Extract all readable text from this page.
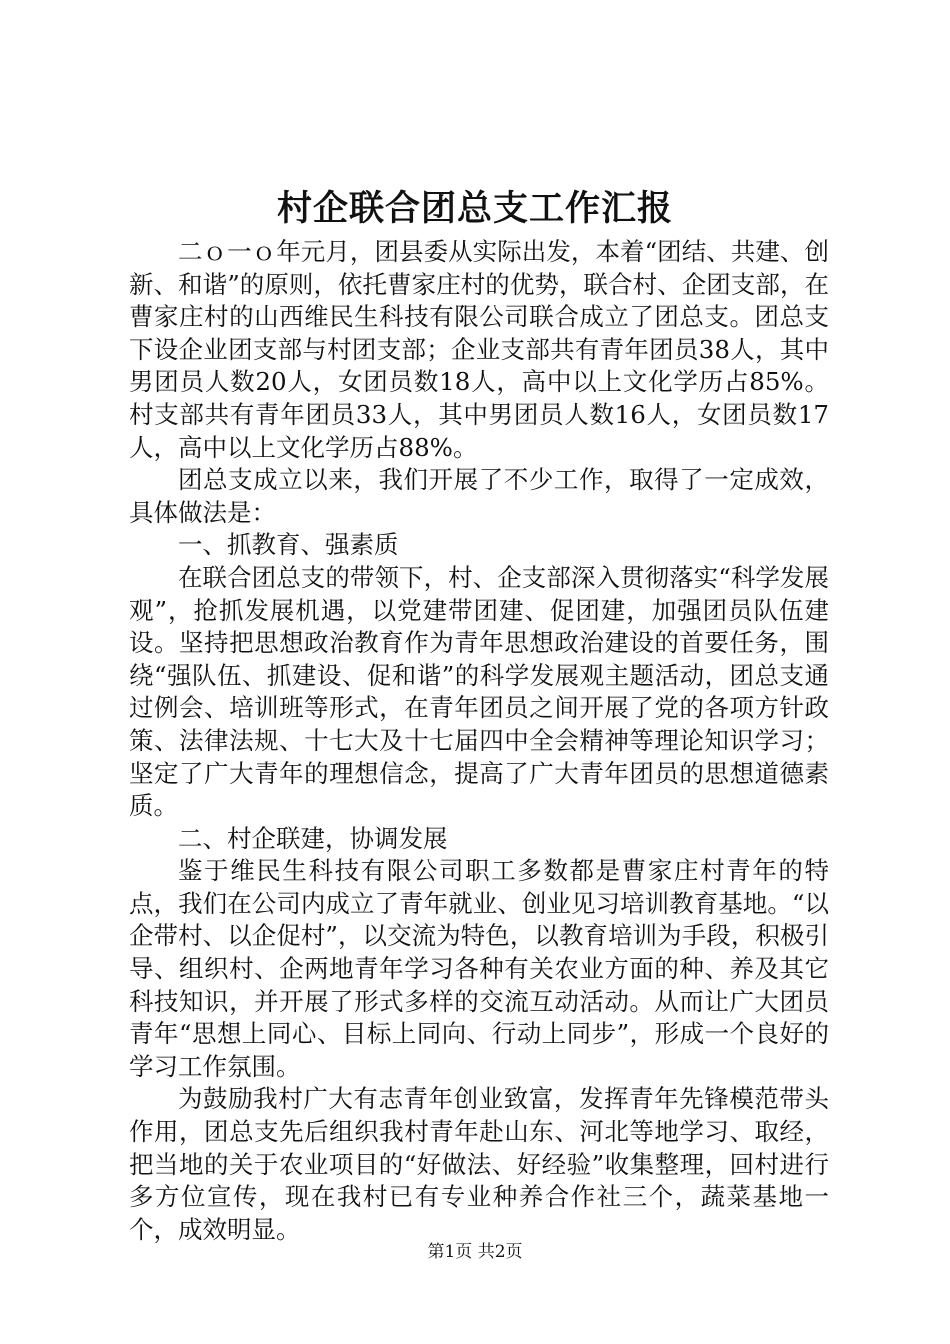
村企联合团总支工作汇报

二ｏ一ｏ年元月，团县委从实际出发，本着“团结、共建、创新、和谐”的原则，依托曹家庄村的优势，联合村、企团支部，在曹家庄村的山西维民生科技有限公司联合成立了团总支。团总支下设企业团支部与村团支部；企业支部共有青年团员38人，其中男团员人数20人，女团员数18人，高中以上文化学历占85%。村支部共有青年团员33人，其中男团员人数16人，女团员数17人，高中以上文化学历占88%。

团总支成立以来，我们开展了不少工作，取得了一定成效，具体做法是：

一、抓教育、强素质

在联合团总支的带领下，村、企支部深入贯彻落实“科学发展观”，抢抓发展机遇，以党建带团建、促团建，加强团员队伍建设。坚持把思想政治教育作为青年思想政治建设的首要任务，围绕“强队伍、抓建设、促和谐”的科学发展观主题活动，团总支通过例会、培训班等形式，在青年团员之间开展了党的各项方针政策、法律法规、十七大及十七届四中全会精神等理论知识学习；坚定了广大青年的理想信念，提高了广大青年团员的思想道德素质。

二、村企联建，协调发展

鉴于维民生科技有限公司职工多数都是曹家庄村青年的特点，我们在公司内成立了青年就业、创业见习培训教育基地。“以企带村、以企促村”，以交流为特色，以教育培训为手段，积极引导、组织村、企两地青年学习各种有关农业方面的种、养及其它科技知识，并开展了形式多样的交流互动活动。从而让广大团员青年“思想上同心、目标上同向、行动上同步”，形成一个良好的学习工作氛围。

为鼓励我村广大有志青年创业致富，发挥青年先锋模范带头作用，团总支先后组织我村青年赴山东、河北等地学习、取经，把当地的关于农业项目的“好做法、好经验”收集整理，回村进行多方位宣传，现在我村已有专业种养合作社三个，蔬菜基地一个，成效明显。

第1页 共2页
